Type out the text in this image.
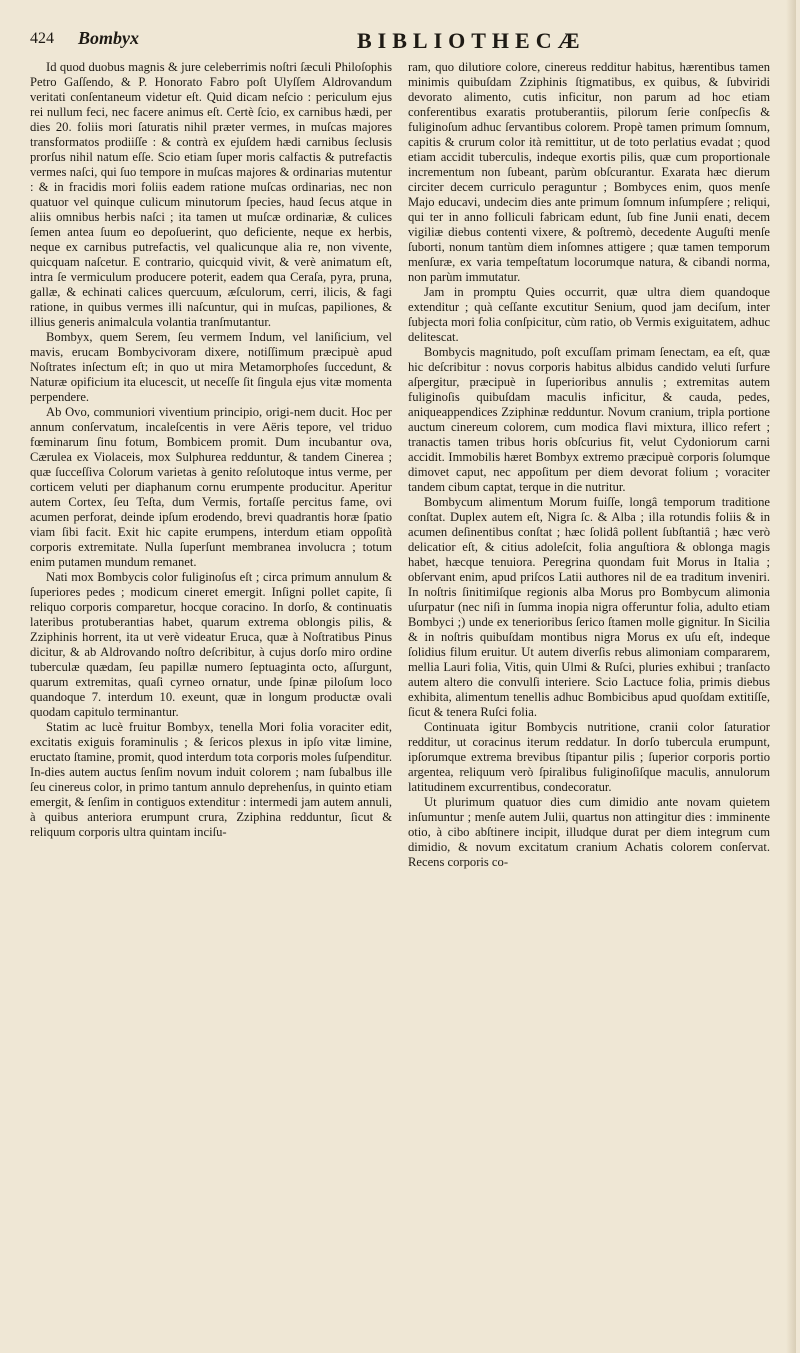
424 Bombyx	BIBLIOTHECÆ

Id quod duobus magnis & jure celeberrimis noſtri ſæculi Philoſophis Petro Gaſſendo, & P. Honorato Fabro poſt Ulyſſem Aldrovandum veritati conſentaneum videtur eſt. Quid dicam neſcio : periculum ejus rei nullum feci, nec facere animus eſt. Certè ſcio, ex carnibus hædi, per dies 20. foliis mori ſaturatis nihil præter vermes, in muſcas majores transformatos prodiiſſe : & contrà ex ejuſdem hædi carnibus ſeclusis prorſus nihil natum eſſe. Scio etiam ſuper moris calfactis & putrefactis vermes naſci, qui ſuo tempore in muſcas majores & ordinarias mutentur : & in fracidis mori foliis eadem ratione muſcas ordinarias, nec non quatuor vel quinque culicum minutorum ſpecies, haud ſecus atque in aliis omnibus herbis naſci ; ita tamen ut muſcæ ordinariæ, & culices ſemen antea ſuum eo depoſuerint, quo deficiente, neque ex herbis, neque ex carnibus putrefactis, vel qualicunque alia re, non vivente, quicquam naſcetur. E contrario, quicquid vivit, & verè animatum eſt, intra ſe vermiculum producere poterit, eadem qua Ceraſa, pyra, pruna, gallæ, & echinati calices quercuum, æſculorum, cerri, ilicis, & fagi ratione, in quibus vermes illi naſcuntur, qui in muſcas, papiliones, & illius generis animalcula volantia tranſmutantur.

Bombyx, quem Serem, ſeu vermem Indum, vel laniſicium, vel mavis, erucam Bombycivoram dixere, notiſſimum præcipuè apud Noſtrates inſectum eſt; in quo ut mira Metamorphoſes ſuccedunt, & Naturæ opificium ita elucescit, ut neceſſe ſit ſingula ejus vitæ momenta perpendere.

Ab Ovo, communiori viventium principio, origi-nem ducit. Hoc per annum conſervatum, incaleſcentis in vere Aëris tepore, vel triduo fœminarum ſinu fotum, Bombicem promit. Dum incubantur ova, Cærulea ex Violaceis, mox Sulphurea redduntur, & tandem Cinerea ; quæ ſucceſſiva Colorum varietas à genito reſolutoque intus verme, per corticem veluti per diaphanum cornu erumpente producitur. Aperitur autem Cortex, ſeu Teſta, dum Vermis, fortaſſe percitus fame, ovi acumen perforat, deinde ipſum erodendo, brevi quadrantis horæ ſpatio viam ſibi facit. Exit hic capite erumpens, interdum etiam oppoſità corporis extremitate. Nulla ſuperſunt membranea involucra ; totum enim putamen mundum remanet.

Nati mox Bombycis color fuliginoſus eſt ; circa primum annulum & ſuperiores pedes ; modicum cineret emergit. Inſigni pollet capite, ſi reliquo corporis comparetur, hocque coracino. In dorſo, & continuatis lateribus protuberantias habet, quarum extrema oblongis pilis, & Zziphinis horrent, ita ut verè videatur Eruca, quæ à Noſtratibus Pinus dicitur, & ab Aldrovando noſtro deſcribitur, à cujus dorſo miro ordine tuberculæ quædam, ſeu papillæ numero ſeptuaginta octo, aſſurgunt, quarum extremitas, quaſi cyrneo ornatur, unde ſpinæ piloſum loco quandoque 7. interdum 10. exeunt, quæ in longum productæ ovali quodam capitulo terminantur.

Statim ac lucè fruitur Bombyx, tenella Mori folia voraciter edit, excitatis exiguis foraminulis ; & ſericos plexus in ipſo vitæ limine, eructato ſtamine, promit, quod interdum tota corporis moles ſuſpenditur. In-dies autem auctus ſenſim novum induit colorem ; nam ſubalbus ille ſeu cinereus color, in primo tantum annulo deprehenſus, in quinto etiam emergit, & ſenſim in contiguos extenditur : intermedi jam autem annuli, à quibus anteriora erumpunt crura, Zziphina redduntur, ſicut & reliquum corporis ultra quintam inciſu-

ram, quo dilutiore colore, cinereus redditur habitus, hærentibus tamen minimis quibuſdam Zziphinis ſtigmatibus, ex quibus, & ſubviridi devorato alimento, cutis inficitur, non parum ad hoc etiam conferentibus exaratis protuberantiis, pilorum ſerie conſpecſis & fuliginoſum adhuc ſervantibus colorem. Propè tamen primum ſomnum, capitis & crurum color ità remittitur, ut de toto perlatius evadat ; quod etiam accidit tuberculis, indeque exortis pilis, quæ cum proportionale incrementum non ſubeant, parùm obſcurantur. Exarata hæc dierum circiter decem curriculo peraguntur ; Bombyces enim, quos menſe Majo educavi, undecim dies ante primum ſomnum inſumpſere ; reliqui, qui ter in anno folliculi fabricam edunt, ſub fine Junii enati, decem vigiliæ diebus contenti vixere, & poſtremò, decedente Auguſti menſe ſuborti, nonum tantùm diem inſomnes attigere ; quæ tamen temporum menſuræ, ex varia tempeſtatum locorumque natura, & cibandi norma, non parùm immutatur.

Jam in promptu Quies occurrit, quæ ultra diem quandoque extenditur ; quà ceſſante excutitur Senium, quod jam deciſum, inter ſubjecta mori folia conſpicitur, cùm ratio, ob Vermis exiguitatem, adhuc delitescat.

Bombycis magnitudo, poſt excuſſam primam ſenectam, ea eſt, quæ hic deſcribitur : novus corporis habitus albidus candido veluti ſurfure aſpergitur, præcipuè in ſuperioribus annulis ; extremitas autem fuliginoſis quibuſdam maculis inficitur, & cauda, pedes, aniqueappendices Zziphinæ redduntur. Novum cranium, tripla portione auctum cinereum colorem, cum modica flavi mixtura, illico refert ; tranactis tamen tribus horis obſcurius fit, velut Cydoniorum carni accidit. Immobilis hæret Bombyx extremo præcipuè corporis ſolumque dimovet caput, nec appoſitum per diem devorat folium ; voraciter tandem cibum captat, terque in die nutritur.

Bombycum alimentum Morum fuiſſe, longâ temporum traditione conſtat. Duplex autem eſt, Nigra ſc. & Alba ; illa rotundis foliis & in acumen deſinentibus conſtat ; hæc ſolidâ pollent ſubſtantiâ ; hæc verò delicatior eſt, & citius adoleſcit, folia anguſtiora & oblonga magis habet, hæcque tenuiora. Peregrina quondam fuit Morus in Italia ; obſervant enim, apud priſcos Latii authores nil de ea traditum inveniri. In noſtris ſinitimiſque regionis alba Morus pro Bombycum alimonia uſurpatur (nec niſi in ſumma inopia nigra offeruntur folia, adulto etiam Bombyci ;) unde ex tenerioribus ſerico ſtamen molle gignitur. In Sicilia & in noſtris quibuſdam montibus nigra Morus ex uſu eſt, indeque ſolidius filum eruitur. Ut autem diverſis rebus alimoniam compararem, mellia Lauri folia, Vitis, quin Ulmi & Ruſci, pluries exhibui ; tranſacto autem altero die convulſi interiere. Scio Lactuce folia, primis diebus exhibita, alimentum tenellis adhuc Bombicibus apud quoſdam extitiſſe, ſicut & tenera Ruſci folia.

Continuata igitur Bombycis nutritione, cranii color ſaturatior redditur, ut coracinus iterum reddatur. In dorſo tubercula erumpunt, ipſorumque extrema brevibus ſtipantur pilis ; ſuperior corporis portio argentea, reliquum verò ſpiralibus fuliginoſiſque maculis, annulorum latitudinem excurrentibus, condecoratur.

Ut plurimum quatuor dies cum dimidio ante novam quietem inſumuntur ; menſe autem Julii, quartus non attingitur dies : imminente otio, à cibo abſtinere incipit, illudque durat per diem integrum cum dimidio, & novum excitatum cranium Achatis colorem conſervat. Recens corporis co-
